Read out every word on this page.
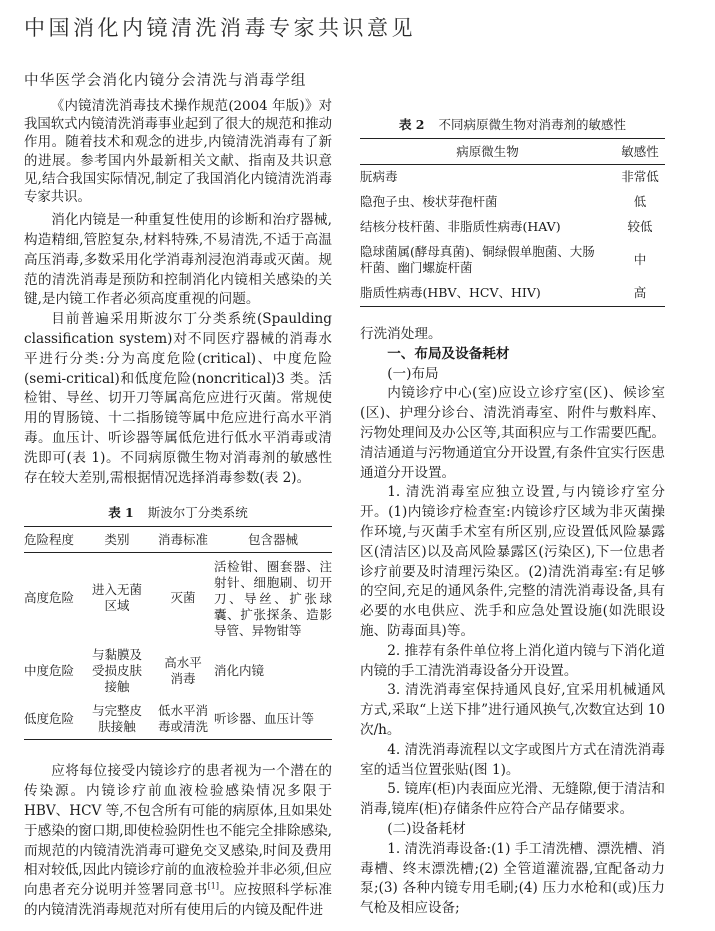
中国消化内镜清洗消毒专家共识意见
中华医学会消化内镜分会清洗与消毒学组

《内镜清洗消毒技术操作规范(2004 年版)》对我国软式内镜清洗消毒事业起到了很大的规范和推动作用。随着技术和观念的进步,内镜清洗消毒有了新的进展。参考国内外最新相关文献、指南及共识意见,结合我国实际情况,制定了我国消化内镜清洗消毒专家共识。

消化内镜是一种重复性使用的诊断和治疗器械,构造精细,管腔复杂,材料特殊,不易清洗,不适于高温高压消毒,多数采用化学消毒剂浸泡消毒或灭菌。规范的清洗消毒是预防和控制消化内镜相关感染的关键,是内镜工作者必须高度重视的问题。

目前普遍采用斯波尔丁分类系统(Spaulding classification system)对不同医疗器械的消毒水平进行分类:分为高度危险(critical)、中度危险(semi-critical)和低度危险(noncritical)3 类。活检钳、导丝、切开刀等属高危应进行灭菌。常规使用的胃肠镜、十二指肠镜等属中危应进行高水平消毒。血压计、听诊器等属低危进行低水平消毒或清洗即可(表 1)。不同病原微生物对消毒剂的敏感性存在较大差别,需根据情况选择消毒参数(表 2)。

表 1 斯波尔丁分类系统
危险程度	类别	消毒标准	包含器械
高度危险	进入无菌区域	灭菌	活检钳、圈套器、注射针、细胞刷、切开刀、导丝、扩张球囊、扩张探条、造影导管、异物钳等
中度危险	与黏膜及受损皮肤接触	高水平消毒	消化内镜
低度危险	与完整皮肤接触	低水平消毒或清洗	听诊器、血压计等

应将每位接受内镜诊疗的患者视为一个潜在的传染源。内镜诊疗前血液检验感染情况多限于 HBV、HCV 等,不包含所有可能的病原体,且如果处于感染的窗口期,即使检验阴性也不能完全排除感染,而规范的内镜清洗消毒可避免交叉感染,时间及费用相对较低,因此内镜诊疗前的血液检验并非必须,但应向患者充分说明并签署同意书[1]。应按照科学标准的内镜清洗消毒规范对所有使用后的内镜及配件进

表 2 不同病原微生物对消毒剂的敏感性
病原微生物	敏感性
朊病毒	非常低
隐孢子虫、梭状芽孢杆菌	低
结核分枝杆菌、非脂质性病毒(HAV)	较低
隐球菌属(酵母真菌)、铜绿假单胞菌、大肠杆菌、幽门螺旋杆菌	中
脂质性病毒(HBV、HCV、HIV)	高

行洗消处理。

一、布局及设备耗材
(一)布局

内镜诊疗中心(室)应设立诊疗室(区)、候诊室(区)、护理分诊台、清洗消毒室、附件与敷料库、污物处理间及办公区等,其面积应与工作需要匹配。清洁通道与污物通道宜分开设置,有条件宜实行医患通道分开设置。

1. 清洗消毒室应独立设置,与内镜诊疗室分开。(1)内镜诊疗检查室:内镜诊疗区域为非灭菌操作环境,与灭菌手术室有所区别,应设置低风险暴露区(清洁区)以及高风险暴露区(污染区),下一位患者诊疗前要及时清理污染区。(2)清洗消毒室:有足够的空间,充足的通风条件,完整的清洗消毒设备,具有必要的水电供应、洗手和应急处置设施(如洗眼设施、防毒面具)等。

2. 推荐有条件单位将上消化道内镜与下消化道内镜的手工清洗消毒设备分开设置。

3. 清洗消毒室保持通风良好,宜采用机械通风方式,采取“上送下排”进行通风换气,次数宜达到 10 次/h。

4. 清洗消毒流程以文字或图片方式在清洗消毒室的适当位置张贴(图 1)。

5. 镜库(柜)内表面应光滑、无缝隙,便于清洁和消毒,镜库(柜)存储条件应符合产品存储要求。

(二)设备耗材

1. 清洗消毒设备:(1) 手工清洗槽、漂洗槽、消毒槽、终末漂洗槽;(2) 全管道灌流器,宜配备动力泵;(3) 各种内镜专用毛刷;(4) 压力水枪和(或)压力气枪及相应设备;
